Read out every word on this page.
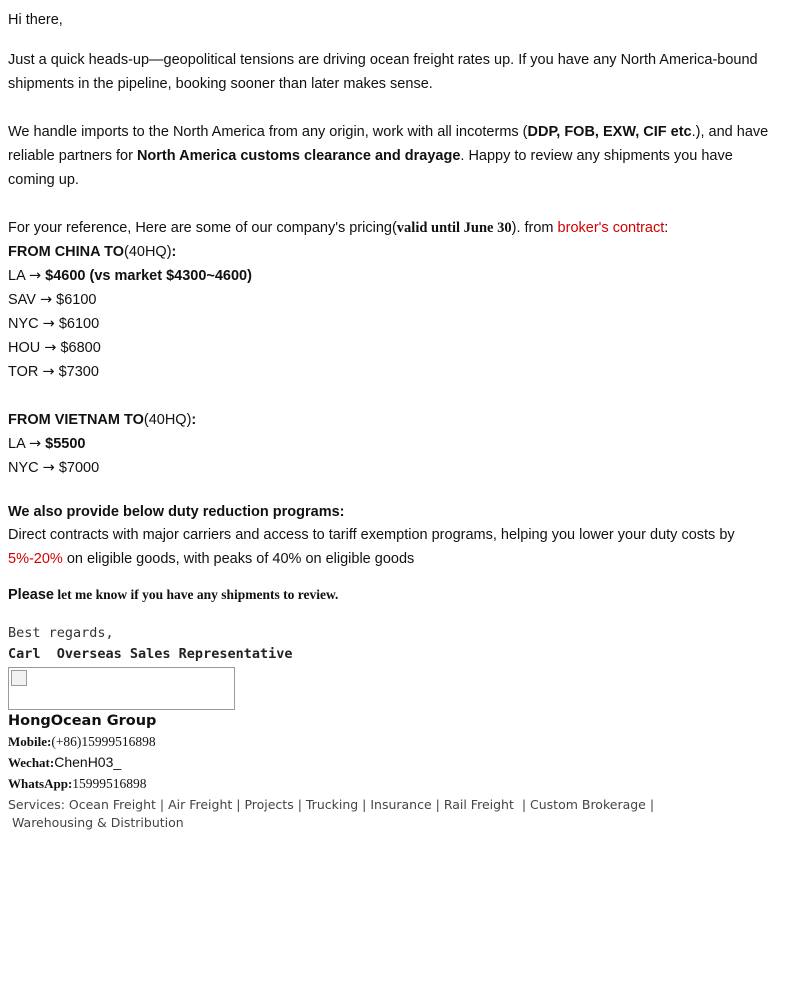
Hi there,
Just a quick heads-up—geopolitical tensions are driving ocean freight rates up. If you have any North America-bound shipments in the pipeline, booking sooner than later makes sense.
We handle imports to the North America from any origin, work with all incoterms (DDP, FOB, EXW, CIF etc.), and have reliable partners for North America customs clearance and drayage. Happy to review any shipments you have coming up.
For your reference, Here are some of our company's pricing(valid until June 30). from broker's contract:
FROM CHINA TO(40HQ):
LA → $4600 (vs market $4300~4600)
SAV → $6100
NYC → $6100
HOU → $6800
TOR → $7300
FROM VIETNAM TO(40HQ):
LA → $5500
NYC → $7000
We also provide below duty reduction programs:
Direct contracts with major carriers and access to tariff exemption programs, helping you lower your duty costs by 5%-20% on eligible goods, with peaks of 40% on eligible goods
Please let me know if you have any shipments to review.
Best regards,
Carl  Overseas Sales Representative
HongOcean Group
Mobile:(+86)15999516898
Wechat:ChenH03_
WhatsApp:15999516898
Services: Ocean Freight | Air Freight | Projects | Trucking | Insurance | Rail Freight  | Custom Brokerage |
Warehousing & Distribution
